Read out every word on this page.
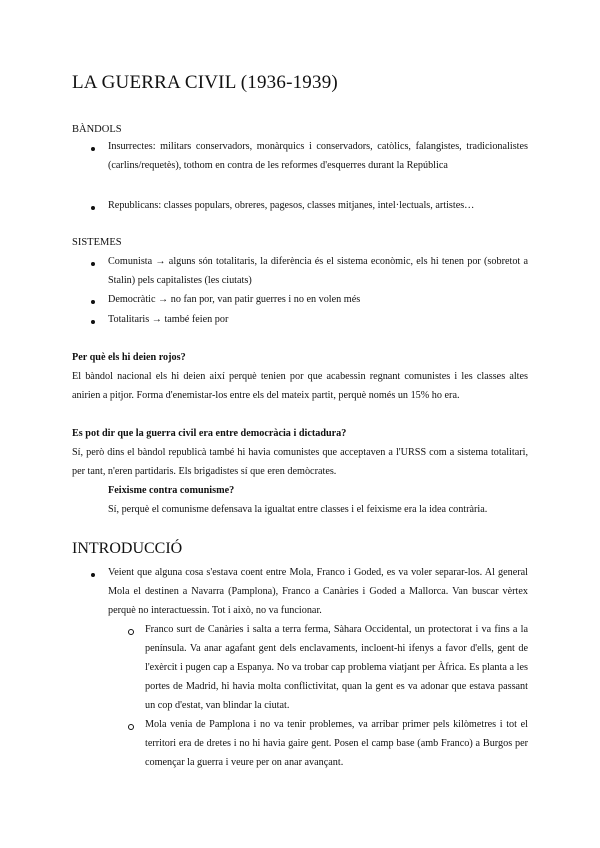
LA GUERRA CIVIL (1936-1939)
BÀNDOLS
Insurrectes: militars conservadors, monàrquics i conservadors, catòlics, falangistes, tradicionalistes (carlins/requetès), tothom en contra de les reformes d'esquerres durant la República
Republicans: classes populars, obreres, pagesos, classes mitjanes, intel·lectuals, artistes…
SISTEMES
Comunista → alguns són totalitaris, la diferència és el sistema econòmic, els hi tenen por (sobretot a Stalin) pels capitalistes (les ciutats)
Democràtic → no fan por, van patir guerres i no en volen més
Totalitaris → també feien por
Per què els hi deien rojos?
El bàndol nacional els hi deien així perquè tenien por que acabessin regnant comunistes i les classes altes anirien a pitjor. Forma d'enemistar-los entre els del mateix partit, perquè només un 15% ho era.
Es pot dir que la guerra civil era entre democràcia i dictadura?
Sí, però dins el bàndol republicà també hi havia comunistes que acceptaven a l'URSS com a sistema totalitari, per tant, n'eren partidaris. Els brigadistes sí que eren demòcrates.
Feixisme contra comunisme?
Sí, perquè el comunisme defensava la igualtat entre classes i el feixisme era la idea contrària.
INTRODUCCIÓ
Veient que alguna cosa s'estava coent entre Mola, Franco i Goded, es va voler separar-los. Al general Mola el destinen a Navarra (Pamplona), Franco a Canàries i Goded a Mallorca. Van buscar vèrtex perquè no interactuessin. Tot i això, no va funcionar.
Franco surt de Canàries i salta a terra ferma, Sàhara Occidental, un protectorat i va fins a la península. Va anar agafant gent dels enclavaments, incloent-hi ifenys a favor d'ells, gent de l'exèrcit i pugen cap a Espanya. No va trobar cap problema viatjant per Àfrica. Es planta a les portes de Madrid, hi havia molta conflictivitat, quan la gent es va adonar que estava passant un cop d'estat, van blindar la ciutat.
Mola venia de Pamplona i no va tenir problemes, va arribar primer pels kilòmetres i tot el territori era de dretes i no hi havia gaire gent. Posen el camp base (amb Franco) a Burgos per començar la guerra i veure per on anar avançant.
